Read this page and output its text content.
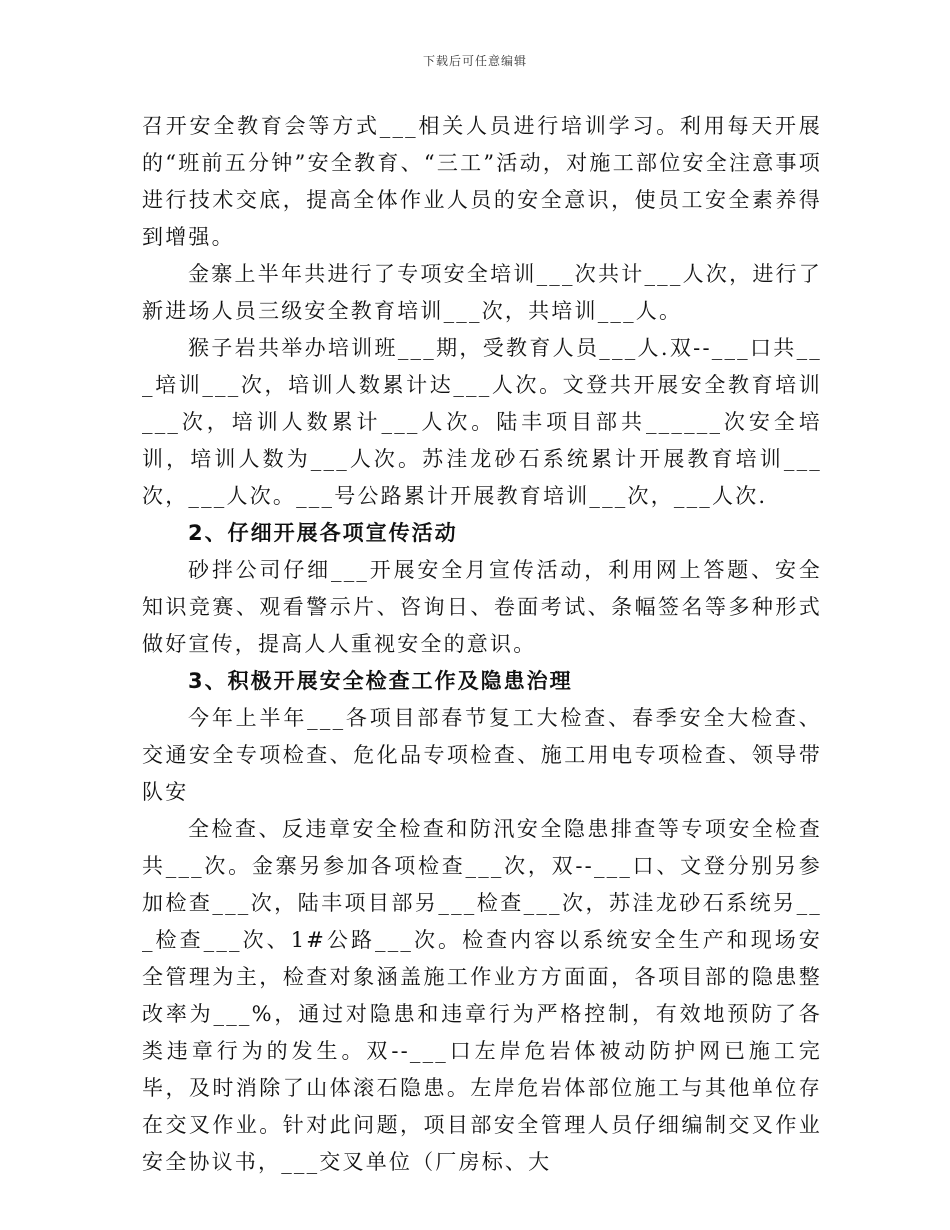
下载后可任意编辑

召开安全教育会等方式___相关人员进行培训学习。利用每天开展的“班前五分钟”安全教育、“三工”活动，对施工部位安全注意事项进行技术交底，提高全体作业人员的安全意识，使员工安全素养得到增强。

金寨上半年共进行了专项安全培训___次共计___人次，进行了新进场人员三级安全教育培训___次，共培训___人。

猴子岩共举办培训班___期，受教育人员___人.双--___口共___培训___次，培训人数累计达___人次。文登共开展安全教育培训___次，培训人数累计___人次。陆丰项目部共______次安全培训，培训人数为___人次。苏洼龙砂石系统累计开展教育培训___次，___人次。___号公路累计开展教育培训___次，___人次.

2、仔细开展各项宣传活动

砂拌公司仔细___开展安全月宣传活动，利用网上答题、安全知识竞赛、观看警示片、咨询日、卷面考试、条幅签名等多种形式做好宣传，提高人人重视安全的意识。

3、积极开展安全检查工作及隐患治理

今年上半年___各项目部春节复工大检查、春季安全大检查、交通安全专项检查、危化品专项检查、施工用电专项检查、领导带队安

全检查、反违章安全检查和防汛安全隐患排查等专项安全检查共___次。金寨另参加各项检查___次，双--___口、文登分别另参加检查___次，陆丰项目部另___检查___次，苏洼龙砂石系统另___检查___次、1#公路___次。检查内容以系统安全生产和现场安全管理为主，检查对象涵盖施工作业方方面面，各项目部的隐患整改率为___%，通过对隐患和违章行为严格控制，有效地预防了各类违章行为的发生。双--___口左岸危岩体被动防护网已施工完毕，及时消除了山体滚石隐患。左岸危岩体部位施工与其他单位存在交叉作业。针对此问题，项目部安全管理人员仔细编制交叉作业安全协议书，___交叉单位（厂房标、大
